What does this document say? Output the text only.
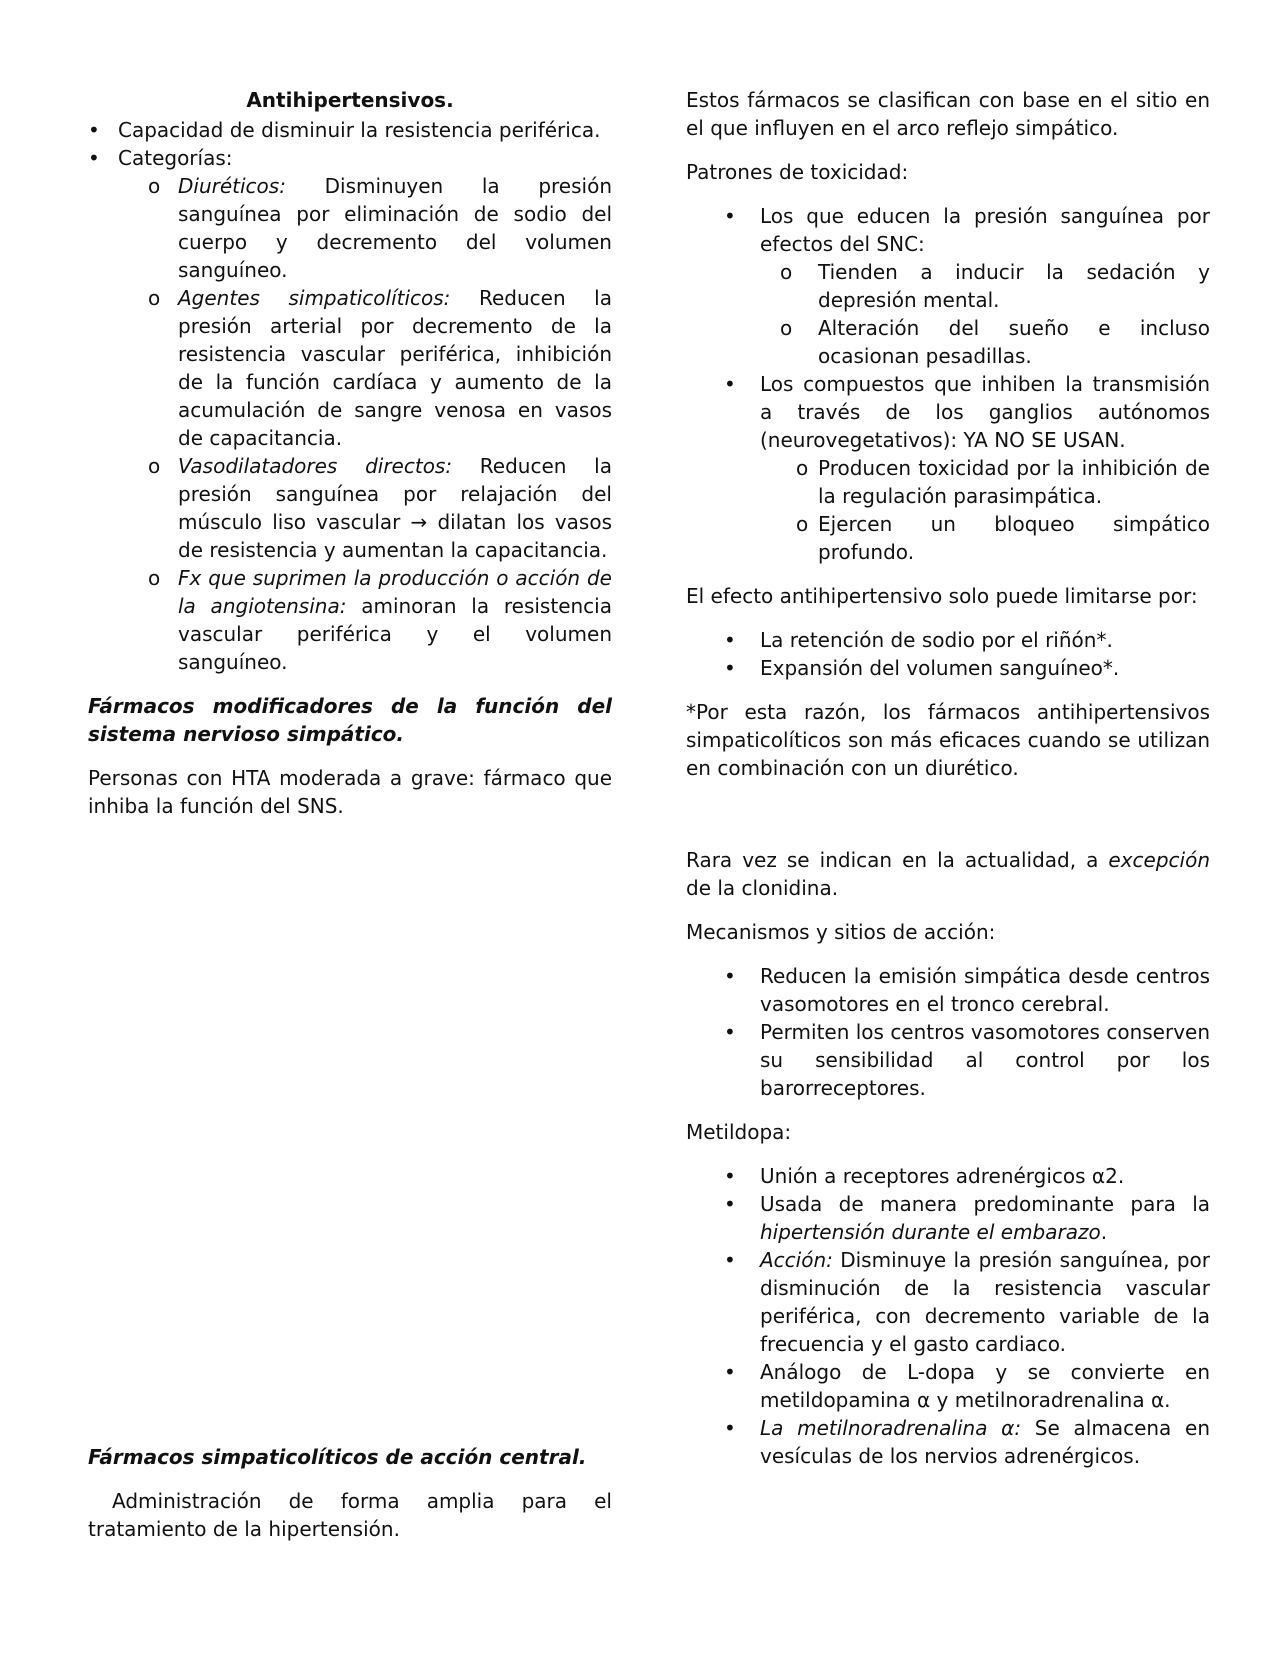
Antihipertensivos.

• Capacidad de disminuir la resistencia periférica.
• Categorías:
o Diuréticos: Disminuyen la presión sanguínea por eliminación de sodio del cuerpo y decremento del volumen sanguíneo.
o Agentes simpaticolíticos: Reducen la presión arterial por decremento de la resistencia vascular periférica, inhibición de la función cardíaca y aumento de la acumulación de sangre venosa en vasos de capacitancia.
o Vasodilatadores directos: Reducen la presión sanguínea por relajación del músculo liso vascular → dilatan los vasos de resistencia y aumentan la capacitancia.
o Fx que suprimen la producción o acción de la angiotensina: aminoran la resistencia vascular periférica y el volumen sanguíneo.
Fármacos modificadores de la función del sistema nervioso simpático.

Personas con HTA moderada a grave: fármaco que inhiba la función del SNS.

Fármacos simpaticolíticos de acción central.

Administración de forma amplia para el tratamiento de la hipertensión.

Estos fármacos se clasifican con base en el sitio en el que influyen en el arco reflejo simpático.

Patrones de toxicidad:

• Los que educen la presión sanguínea por efectos del SNC:
o Tienden a inducir la sedación y depresión mental.
o Alteración del sueño e incluso ocasionan pesadillas.
• Los compuestos que inhiben la transmisión a través de los ganglios autónomos (neurovegetativos): YA NO SE USAN.
o Producen toxicidad por la inhibición de la regulación parasimpática.
o Ejercen un bloqueo simpático profundo.

El efecto antihipertensivo solo puede limitarse por:

• La retención de sodio por el riñón*.
• Expansión del volumen sanguíneo*.

*Por esta razón, los fármacos antihipertensivos simpaticolíticos son más eficaces cuando se utilizan en combinación con un diurético.

Rara vez se indican en la actualidad, a excepción de la clonidina.

Mecanismos y sitios de acción:

• Reducen la emisión simpática desde centros vasomotores en el tronco cerebral.
• Permiten los centros vasomotores conserven su sensibilidad al control por los barorreceptores.

Metildopa:

• Unión a receptores adrenérgicos α2.
• Usada de manera predominante para la hipertensión durante el embarazo.
• Acción: Disminuye la presión sanguínea, por disminución de la resistencia vascular periférica, con decremento variable de la frecuencia y el gasto cardiaco.
• Análogo de L-dopa y se convierte en metildopamina α y metilnoradrenalina α.
• La metilnoradrenalina α: Se almacena en vesículas de los nervios adrenérgicos.
